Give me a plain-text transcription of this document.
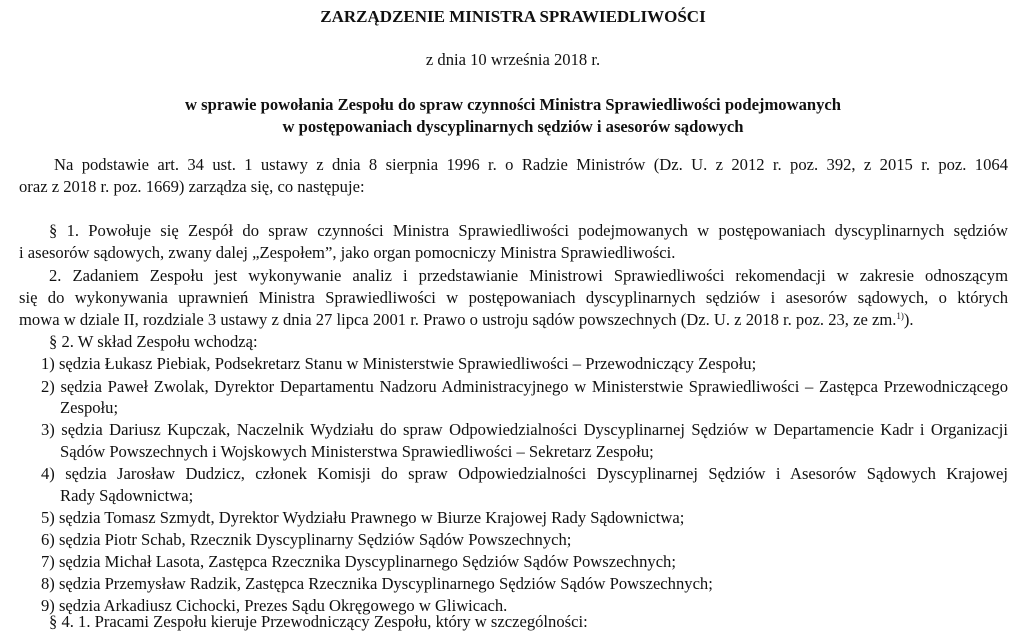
ZARZĄDZENIE MINISTRA SPRAWIEDLIWOŚCI
z dnia 10 września 2018 r.
w sprawie powołania Zespołu do spraw czynności Ministra Sprawiedliwości podejmowanych
w postępowaniach dyscyplinarnych sędziów i asesorów sądowych
Na podstawie art. 34 ust. 1 ustawy z dnia 8 sierpnia 1996 r. o Radzie Ministrów (Dz. U. z 2012 r. poz. 392, z 2015 r. poz. 1064
oraz z 2018 r. poz. 1669) zarządza się, co następuje:
§ 1. Powołuje się Zespół do spraw czynności Ministra Sprawiedliwości podejmowanych w postępowaniach dyscyplinarnych sędziów
i asesorów sądowych, zwany dalej „Zespołem”, jako organ pomocniczy Ministra Sprawiedliwości.
2. Zadaniem Zespołu jest wykonywanie analiz i przedstawianie Ministrowi Sprawiedliwości rekomendacji w zakresie odnoszącym
się do wykonywania uprawnień Ministra Sprawiedliwości w postępowaniach dyscyplinarnych sędziów i asesorów sądowych, o których
mowa w dziale II, rozdziale 3 ustawy z dnia 27 lipca 2001 r. Prawo o ustroju sądów powszechnych (Dz. U. z 2018 r. poz. 23, ze zm.$^{1)}$).
§ 2. W skład Zespołu wchodzą:
1) sędzia Łukasz Piebiak, Podsekretarz Stanu w Ministerstwie Sprawiedliwości – Przewodniczący Zespołu;
2) sędzia Paweł Zwolak, Dyrektor Departamentu Nadzoru Administracyjnego w Ministerstwie Sprawiedliwości – Zastępca Przewodniczącego
Zespołu;
3) sędzia Dariusz Kupczak, Naczelnik Wydziału do spraw Odpowiedzialności Dyscyplinarnej Sędziów w Departamencie Kadr i Organizacji
Sądów Powszechnych i Wojskowych Ministerstwa Sprawiedliwości – Sekretarz Zespołu;
4) sędzia Jarosław Dudzicz, członek Komisji do spraw Odpowiedzialności Dyscyplinarnej Sędziów i Asesorów Sądowych Krajowej
Rady Sądownictwa;
5) sędzia Tomasz Szmydt, Dyrektor Wydziału Prawnego w Biurze Krajowej Rady Sądownictwa;
6) sędzia Piotr Schab, Rzecznik Dyscyplinarny Sędziów Sądów Powszechnych;
7) sędzia Michał Lasota, Zastępca Rzecznika Dyscyplinarnego Sędziów Sądów Powszechnych;
8) sędzia Przemysław Radzik, Zastępca Rzecznika Dyscyplinarnego Sędziów Sądów Powszechnych;
9) sędzia Arkadiusz Cichocki, Prezes Sądu Okręgowego w Gliwicach.
§ 4. 1. Pracami Zespołu kieruje Przewodniczący Zespołu, który w szczególności:
